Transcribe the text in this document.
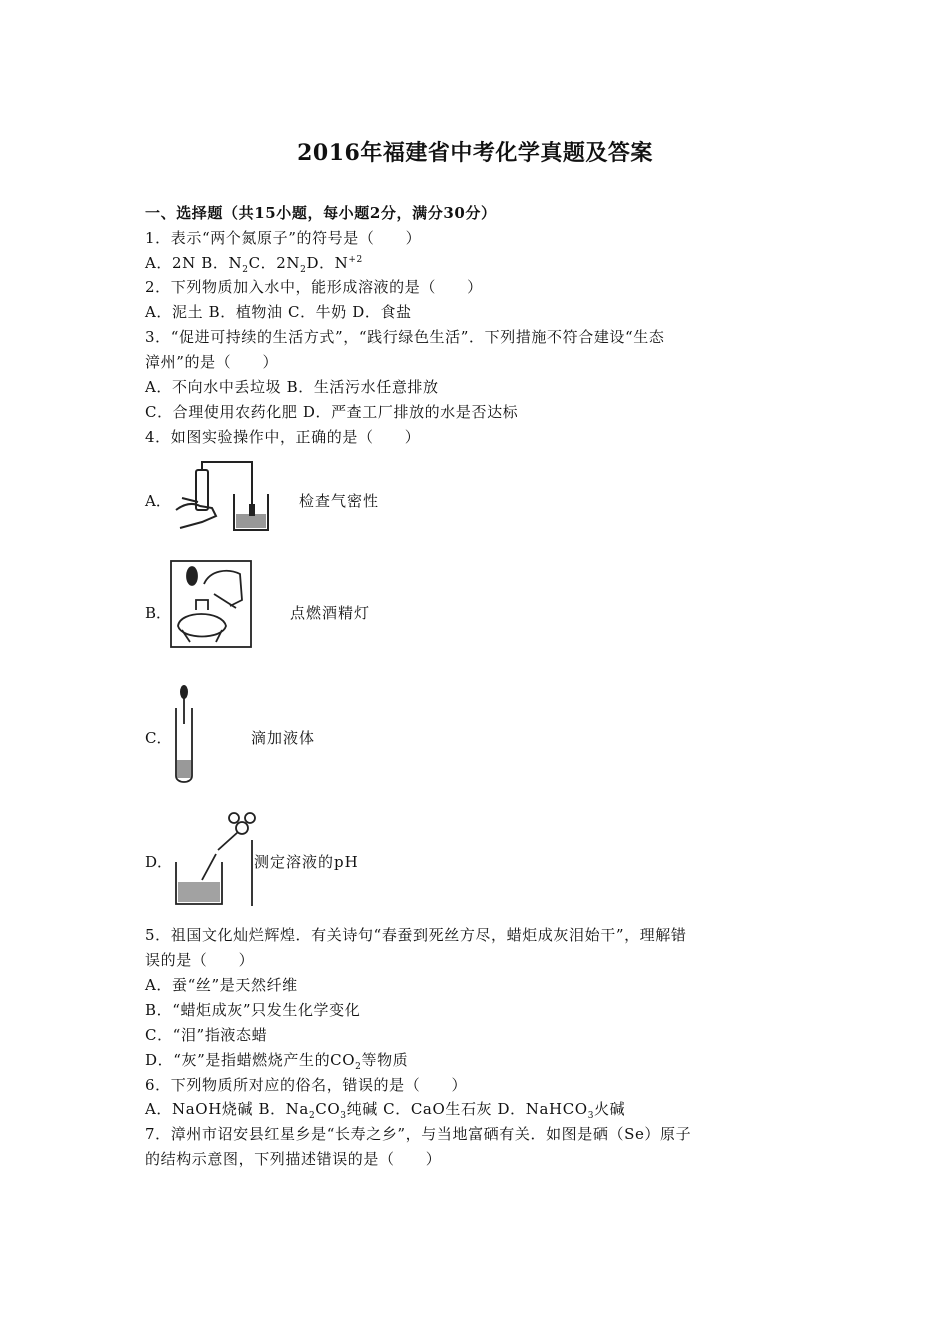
2016年福建省中考化学真题及答案
一、选择题（共15小题，每小题2分，满分30分）
1．表示“两个氮原子”的符号是（　　）
A．2N B．$N_2C$．$2N_2D$．$N^{+2}$
2．下列物质加入水中，能形成溶液的是（　　）
A．泥土 B．植物油 C．牛奶 D．食盐
3．“促进可持续的生活方式”，“践行绿色生活”．下列措施不符合建设“生态
漳州”的是（　　）
A．不向水中丢垃圾 B．生活污水任意排放
C．合理使用农药化肥 D．严查工厂排放的水是否达标
4．如图实验操作中，正确的是（　　）
A．	检查气密性
B．	点燃酒精灯
C．	滴加液体
D．	测定溶液的pH
5．祖国文化灿烂辉煌．有关诗句“春蚕到死丝方尽，蜡炬成灰泪始干”，理解错
误的是（　　）
A．蚕“丝”是天然纤维
B．“蜡炬成灰”只发生化学变化
C．“泪”指液态蜡
D．“灰”是指蜡燃烧产生的$CO_2$等物质
6．下列物质所对应的俗名，错误的是（　　）
A．NaOH烧碱 B．$Na_2CO_3$纯碱 C．CaO生石灰 D．NaHCO$_3$火碱
7．漳州市诏安县红星乡是“长寿之乡”，与当地富硒有关．如图是硒（Se）原子
的结构示意图，下列描述错误的是（　　）
